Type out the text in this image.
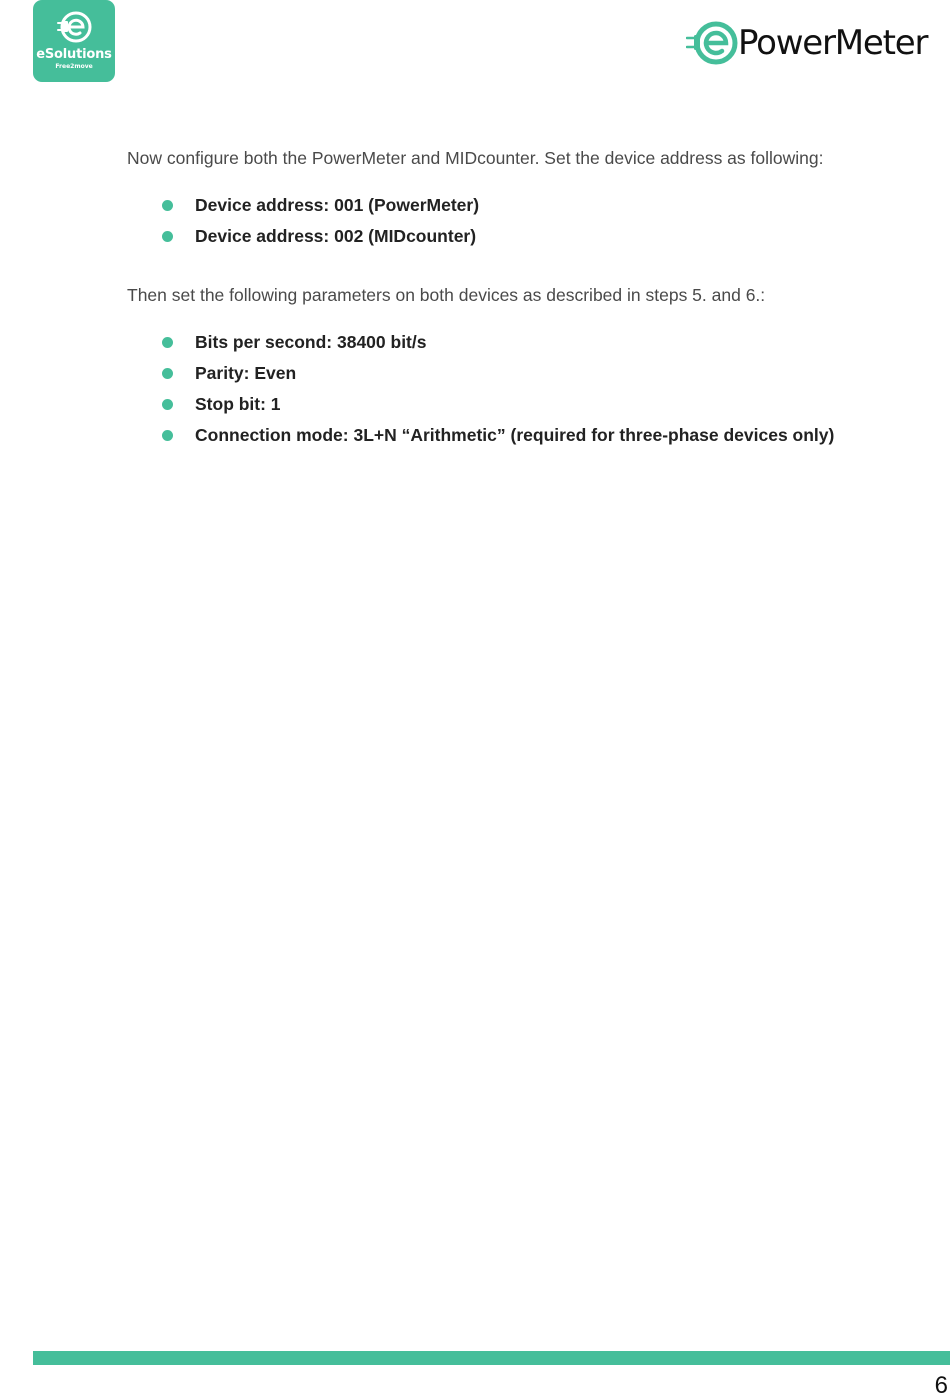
eSolutions
Free2move
PowerMeter

Now configure both the PowerMeter and MIDcounter. Set the device address as following:

Device address: 001 (PowerMeter)
Device address: 002 (MIDcounter)

Then set the following parameters on both devices as described in steps 5. and 6.:

Bits per second: 38400 bit/s
Parity: Even
Stop bit: 1
Connection mode: 3L+N “Arithmetic” (required for three-phase devices only)
6
